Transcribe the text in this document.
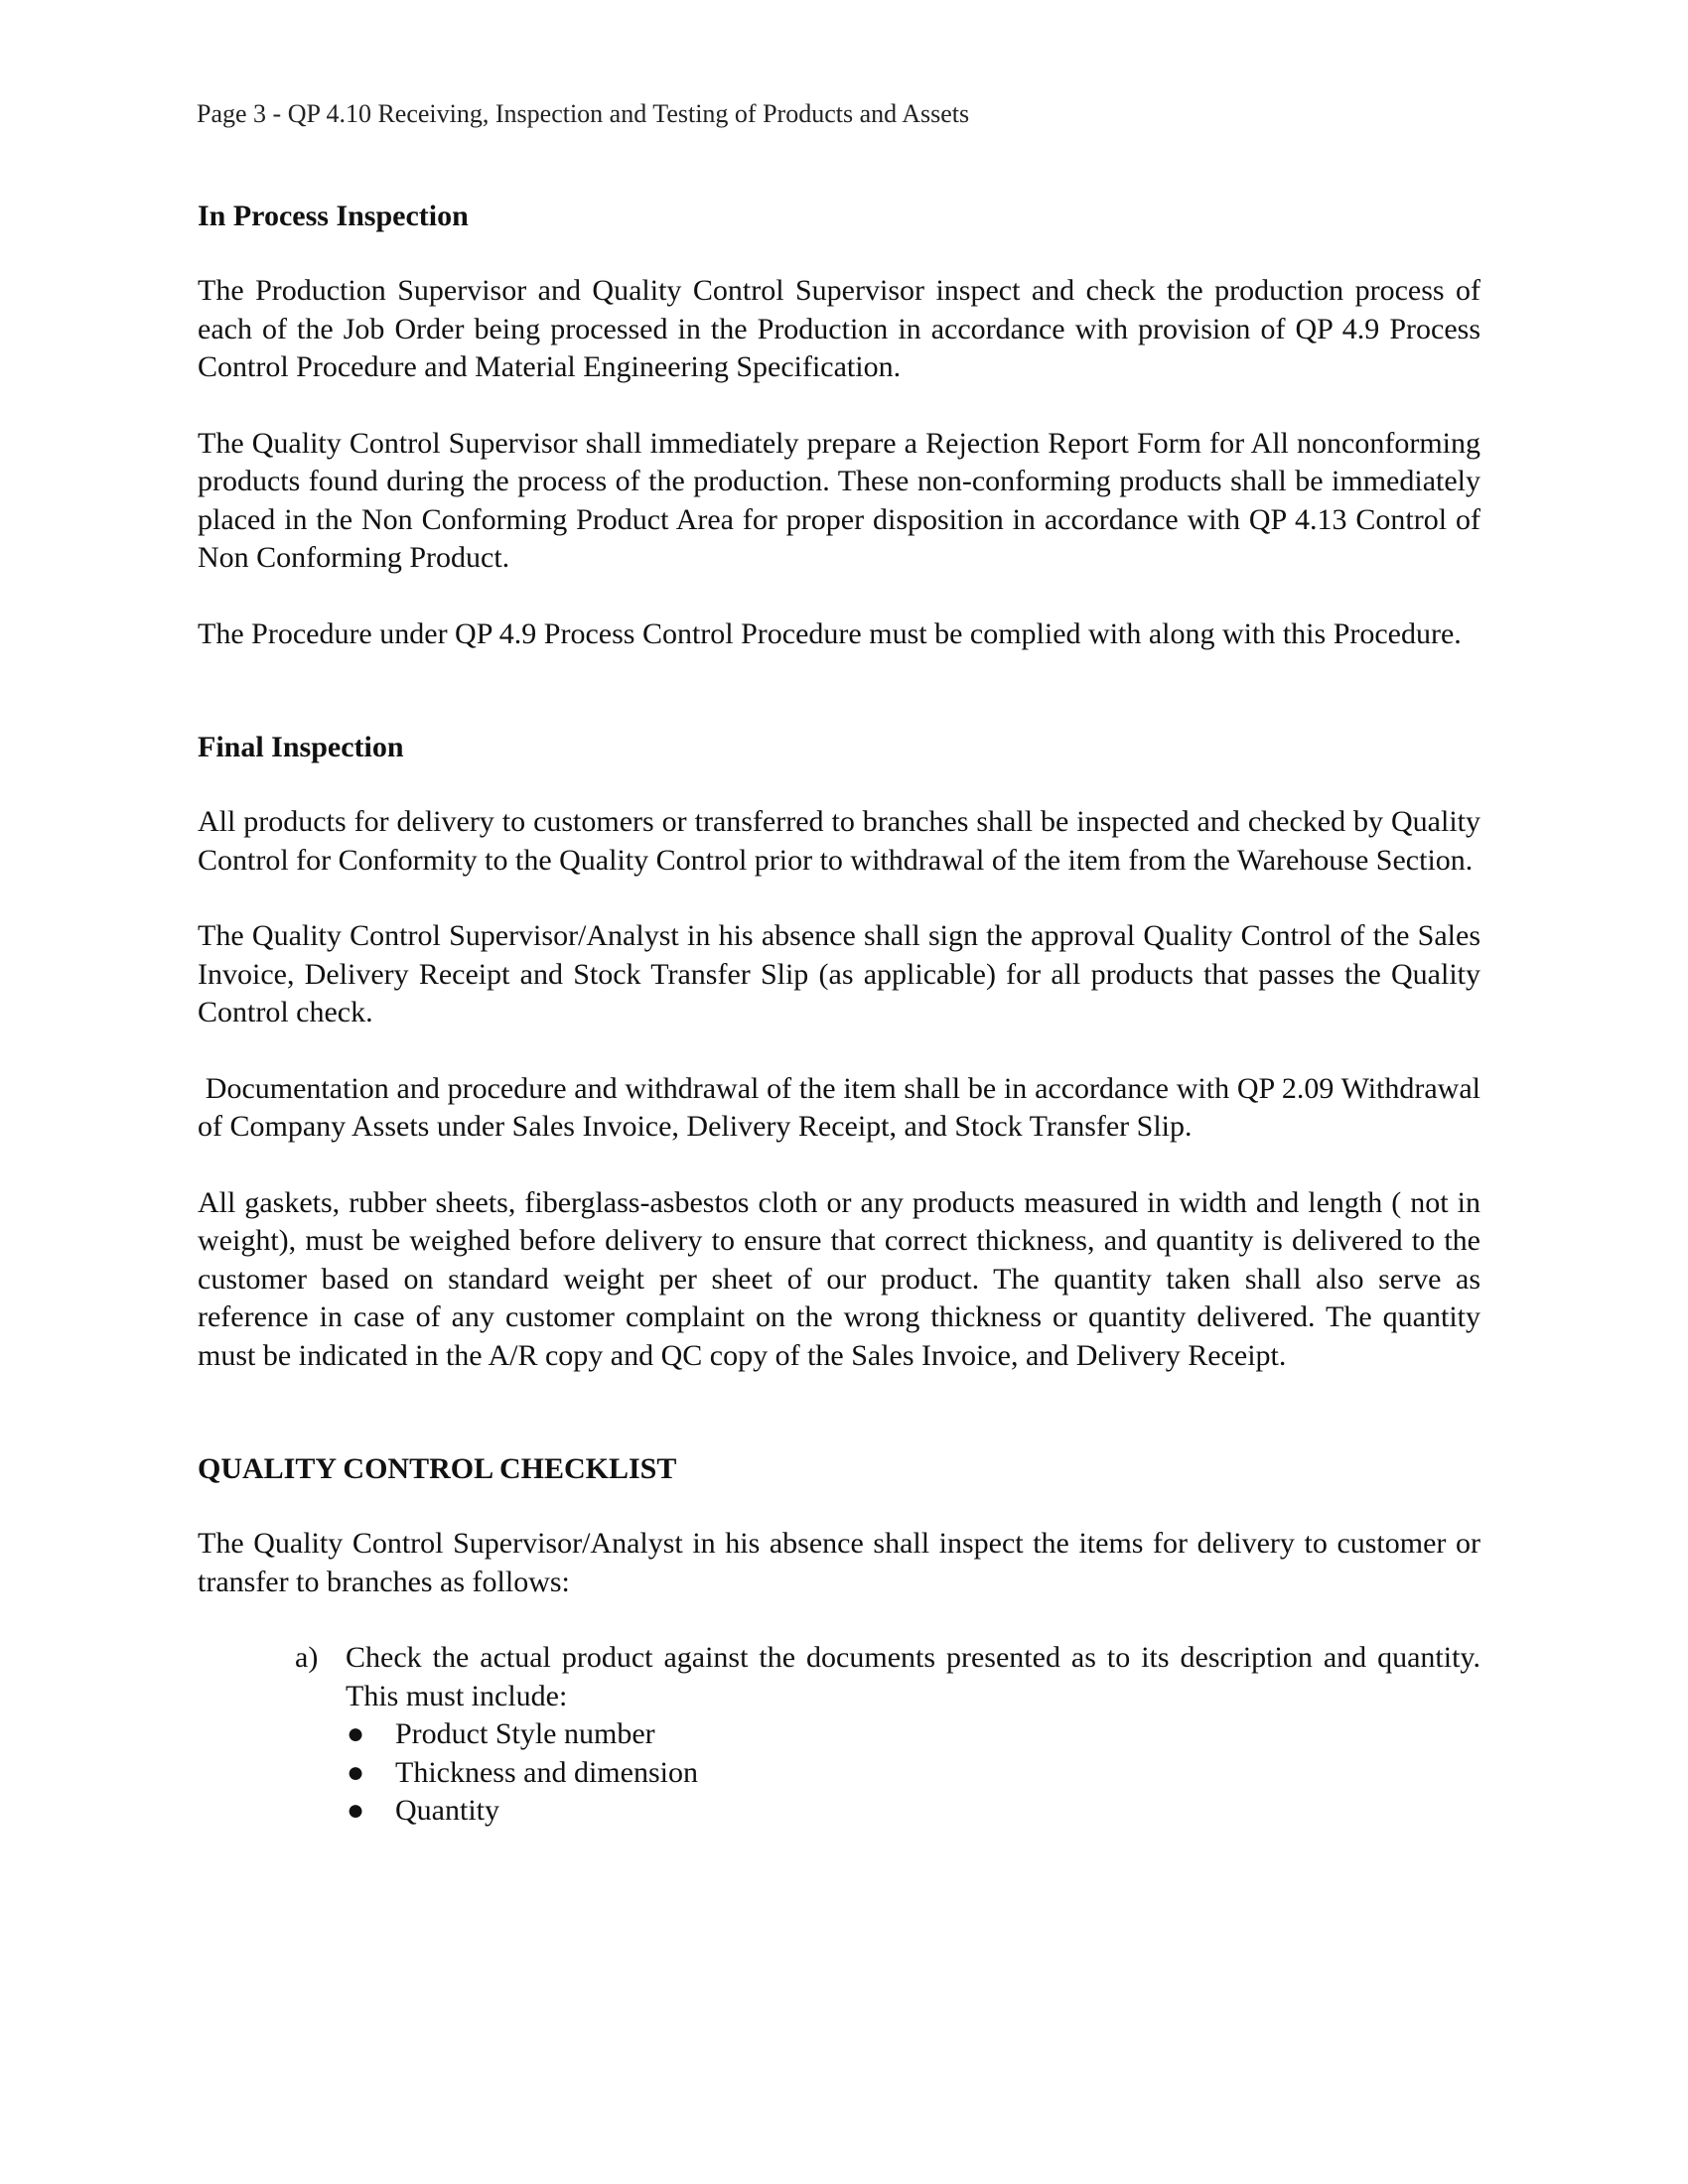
Page 3 - QP 4.10 Receiving, Inspection and Testing of Products and Assets
In Process Inspection

The Production Supervisor and Quality Control Supervisor inspect and check the production process of each of the Job Order being processed in the Production in accordance with provision of QP 4.9 Process Control Procedure and Material Engineering Specification.

The Quality Control Supervisor shall immediately prepare a Rejection Report Form for All nonconforming products found during the process of the production. These non-conforming products shall be immediately placed in the Non Conforming Product Area for proper disposition in accordance with QP 4.13 Control of Non Conforming Product.

The Procedure under QP 4.9 Process Control Procedure must be complied with along with this Procedure.

Final Inspection

All products for delivery to customers or transferred to branches shall be inspected and checked by Quality Control for Conformity to the Quality Control prior to withdrawal of the item from the Warehouse Section.

The Quality Control Supervisor/Analyst in his absence shall sign the approval Quality Control of the Sales Invoice, Delivery Receipt and Stock Transfer Slip (as applicable) for all products that passes the Quality Control check.

Documentation and procedure and withdrawal of the item shall be in accordance with QP 2.09 Withdrawal of Company Assets under Sales Invoice, Delivery Receipt, and Stock Transfer Slip.

All gaskets, rubber sheets, fiberglass-asbestos cloth or any products measured in width and length ( not in weight), must be weighed before delivery to ensure that correct thickness, and quantity is delivered to the customer based on standard weight per sheet of our product. The quantity taken shall also serve as reference in case of any customer complaint on the wrong thickness or quantity delivered. The quantity must be indicated in the A/R copy and QC copy of the Sales Invoice, and Delivery Receipt.

QUALITY CONTROL CHECKLIST

The Quality Control Supervisor/Analyst in his absence shall inspect the items for delivery to customer or transfer to branches as follows:

a) Check the actual product against the documents presented as to its description and quantity. This must include:
● Product Style number
● Thickness and dimension
● Quantity
